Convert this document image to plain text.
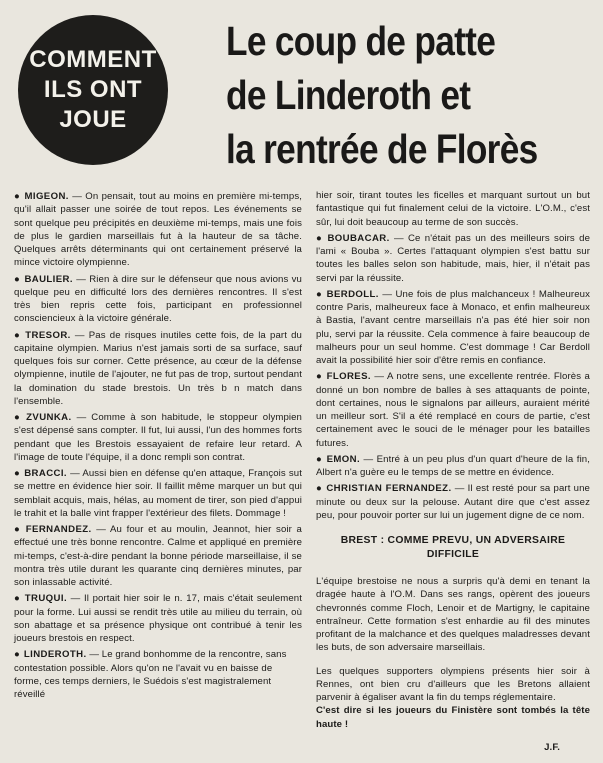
COMMENT
ILS ONT
JOUE
Le coup de patte
de Linderoth et
la rentrée de Florès

● MIGEON. — On pensait, tout au moins en première mi-temps, qu'il allait passer une soirée de tout repos. Les événements se sont quelque peu précipités en deuxième mi-temps, mais une fois de plus le gardien marseillais fut à la hauteur de sa tâche. Quelques arrêts déterminants qui ont certainement préservé la mince victoire olympienne.

● BAULIER. — Rien à dire sur le défenseur que nous avions vu quelque peu en difficulté lors des dernières rencontres. Il s'est très bien repris cette fois, participant en professionnel consciencieux à la victoire générale.

● TRESOR. — Pas de risques inutiles cette fois, de la part du capitaine olympien. Marius n'est jamais sorti de sa surface, sauf quelques fois sur corner. Cette présence, au cœur de la défense olympienne, inutile de l'ajouter, ne fut pas de trop, surtout pendant la domination du stade brestois. Un très b n match dans l'ensemble.

● ZVUNKA. — Comme à son habitude, le stoppeur olympien s'est dépensé sans compter. Il fut, lui aussi, l'un des hommes forts pendant que les Brestois essayaient de refaire leur retard. A l'image de toute l'équipe, il a donc rempli son contrat.

● BRACCI. — Aussi bien en défense qu'en attaque, François sut se mettre en évidence hier soir. Il faillit même marquer un but qui semblait acquis, mais, hélas, au moment de tirer, son pied d'appui le trahit et la balle vint frapper l'extérieur des filets. Dommage !

● FERNANDEZ. — Au four et au moulin, Jeannot, hier soir a effectué une très bonne rencontre. Calme et appliqué en première mi-temps, c'est-à-dire pendant la bonne période marseillaise, il se montra très utile durant les quarante cinq dernières minutes, par son inlassable activité.

● TRUQUI. — Il portait hier soir le n. 17, mais c'était seulement pour la forme. Lui aussi se rendit très utile au milieu du terrain, où son abattage et sa présence physique ont contribué à tenir les joueurs brestois en respect.

● LINDEROTH. — Le grand bonhomme de la rencontre, sans contestation possible. Alors qu'on ne l'avait vu en baisse de forme, ces temps derniers, le Suédois s'est magistralement réveillé

hier soir, tirant toutes les ficelles et marquant surtout un but fantastique qui fut finalement celui de la victoire. L'O.M., c'est sûr, lui doit beaucoup au terme de son succès.

● BOUBACAR. — Ce n'était pas un des meilleurs soirs de l'ami « Bouba ». Certes l'attaquant olympien s'est battu sur toutes les balles selon son habitude, mais, hier, il n'était pas servi par la réussite.

● BERDOLL. — Une fois de plus malchanceux ! Malheureux contre Paris, malheureux face à Monaco, et enfin malheureux à Bastia, l'avant centre marseillais n'a pas été hier soir non plu, servi par la réussite. Cela commence à faire beaucoup de malheurs pour un seul homme. C'est dommage ! Car Berdoll avait la possibilité hier soir d'être remis en confiance.

● FLORES. — A notre sens, une excellente rentrée. Florès a donné un bon nombre de balles à ses attaquants de pointe, dont certaines, nous le signalons par ailleurs, auraient mérité un meilleur sort. S'il a été remplacé en cours de partie, c'est certainement avec le souci de le ménager pour les batailles futures.

● EMON. — Entré à un peu plus d'un quart d'heure de la fin, Albert n'a guère eu le temps de se mettre en évidence.

● CHRISTIAN FERNANDEZ. — Il est resté pour sa part une minute ou deux sur la pelouse. Autant dire que c'est assez peu, pour pouvoir porter sur lui un jugement digne de ce nom.

BREST : COMME PREVU, UN ADVERSAIRE DIFFICILE

L'équipe brestoise ne nous a surpris qu'à demi en tenant la dragée haute à l'O.M. Dans ses rangs, opèrent des joueurs chevronnés comme Floch, Lenoir et de Martigny, le capitaine entraîneur. Cette formation s'est enhardie au fil des minutes profitant de la malchance et des quelques maladresses devant les buts, de son adversaire marseillais.

Les quelques supporters olympiens présents hier soir à Rennes, ont bien cru d'ailleurs que les Bretons allaient parvenir à égaliser avant la fin du temps réglementaire.

C'est dire si les joueurs du Finistère sont tombés la tête haute !

J.F.
